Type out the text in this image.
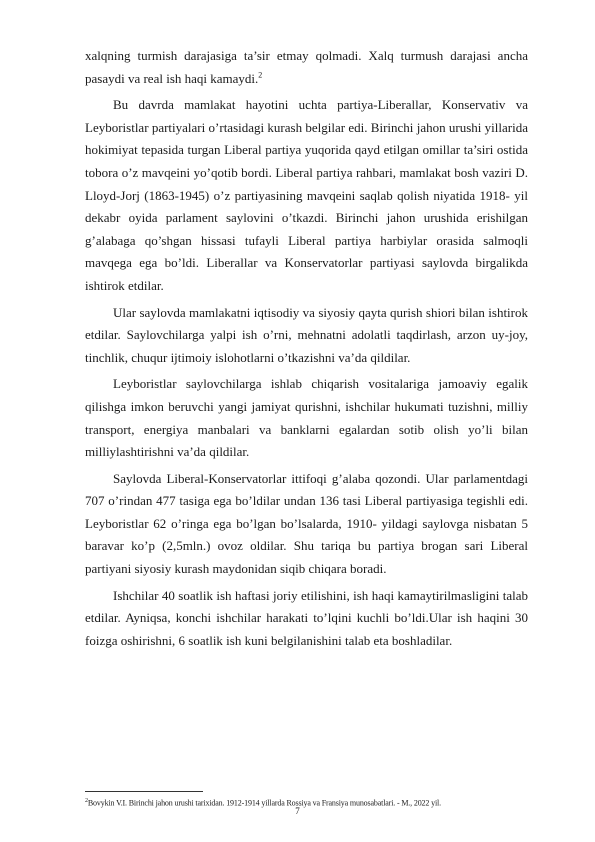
xalqning turmish darajasiga ta’sir etmay qolmadi. Xalq turmush darajasi ancha pasaydi va real ish haqi kamaydi.$^2$

Bu davrda mamlakat hayotini uchta partiya-Liberallar, Konservativ va Leyboristlar partiyalari o’rtasidagi kurash belgilar edi. Birinchi jahon urushi yillarida hokimiyat tepasida turgan Liberal partiya yuqorida qayd etilgan omillar ta’siri ostida tobora o’z mavqeini yo’qotib bordi. Liberal partiya rahbari, mamlakat bosh vaziri D. Lloyd-Jorj (1863-1945) o’z partiyasining mavqeini saqlab qolish niyatida 1918- yil dekabr oyida parlament saylovini o’tkazdi. Birinchi jahon urushida erishilgan g’alabaga qo’shgan hissasi tufayli Liberal partiya harbiylar orasida salmoqli mavqega ega bo’ldi. Liberallar va Konservatorlar partiyasi saylovda birgalikda ishtirok etdilar.

Ular saylovda mamlakatni iqtisodiy va siyosiy qayta qurish shiori bilan ishtirok etdilar. Saylovchilarga yalpi ish o’rni, mehnatni adolatli taqdirlash, arzon uy-joy, tinchlik, chuqur ijtimoiy islohotlarni o’tkazishni va’da qildilar.

Leyboristlar saylovchilarga ishlab chiqarish vositalariga jamoaviy egalik qilishga imkon beruvchi yangi jamiyat qurishni, ishchilar hukumati tuzishni, milliy transport, energiya manbalari va banklarni egalardan sotib olish yo’li bilan milliylashtirishni va’da qildilar.

Saylovda Liberal-Konservatorlar ittifoqi g’alaba qozondi. Ular parlamentdagi 707 o’rindan 477 tasiga ega bo’ldilar undan 136 tasi Liberal partiyasiga tegishli edi. Leyboristlar 62 o’ringa ega bo’lgan bo’lsalarda, 1910- yildagi saylovga nisbatan 5 baravar ko’p (2,5mln.) ovoz oldilar. Shu tariqa bu partiya brogan sari Liberal partiyani siyosiy kurash maydonidan siqib chiqara boradi.

Ishchilar 40 soatlik ish haftasi joriy etilishini, ish haqi kamaytirilmasligini talab etdilar. Ayniqsa, konchi ishchilar harakati to’lqini kuchli bo’ldi.Ular ish haqini 30 foizga oshirishni, 6 soatlik ish kuni belgilanishini talab eta boshladilar.

$^2$Bovykin V.I. Birinchi jahon urushi tarixidan. 1912-1914 yillarda Rossiya va Fransiya munosabatlari. - M., 2022 yil.
7
